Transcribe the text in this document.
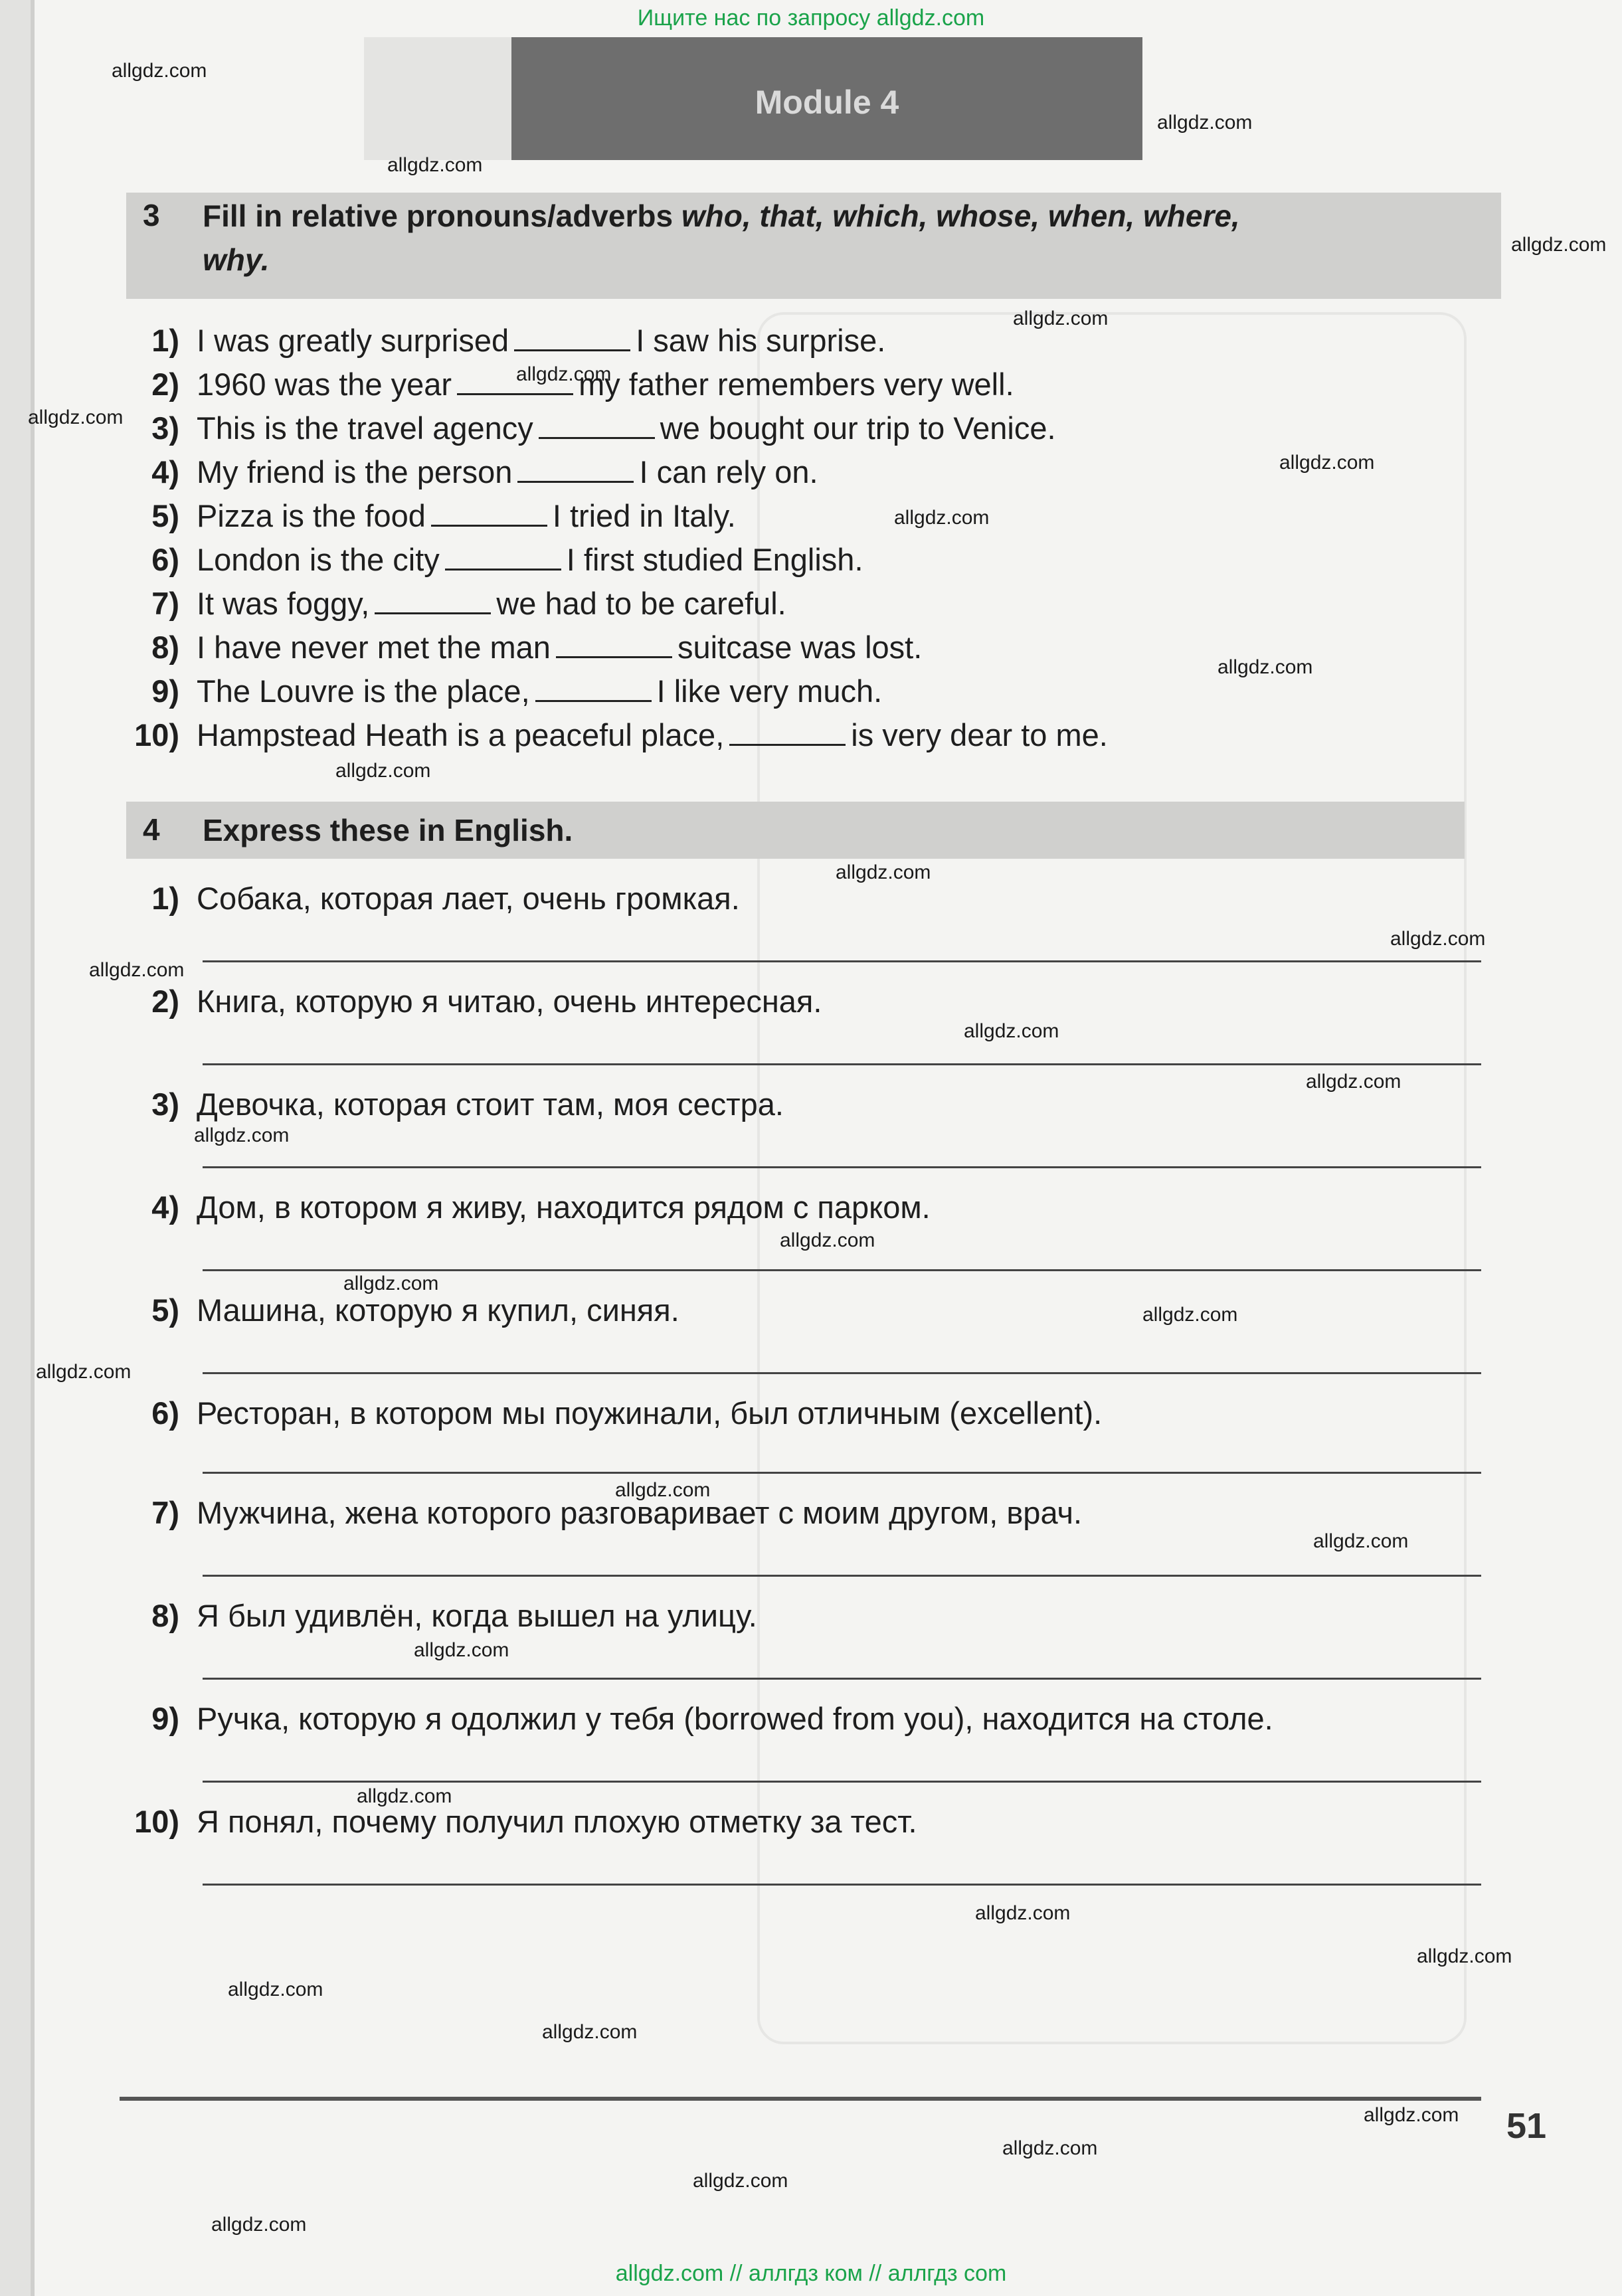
Ищите нас по запросу allgdz.com
Module 4
3 Fill in relative pronouns/adverbs who, that, which, whose, when, where,
why.
1) I was greatly surprised	I saw his surprise.
2) 1960 was the year	my father remembers very well.
3) This is the travel agency	we bought our trip to Venice.
4) My friend is the person	I can rely on.
5) Pizza is the food	I tried in Italy.
6) London is the city	I first studied English.
7) It was foggy,	we had to be careful.
8) I have never met the man	suitcase was lost.
9) The Louvre is the place,	I like very much.
10) Hampstead Heath is a peaceful place,	is very dear to me.
4 Express these in English.
1) Собака, которая лает, очень громкая.
2) Книга, которую я читаю, очень интересная.
3) Девочка, которая стоит там, моя сестра.
4) Дом, в котором я живу, находится рядом с парком.
5) Машина, которую я купил, синяя.
6) Ресторан, в котором мы поужинали, был отличным (excellent).
7) Мужчина, жена которого разговаривает с моим другом, врач.
8) Я был удивлён, когда вышел на улицу.
9) Ручка, которую я одолжил у тебя (borrowed from you), находится на столе.
10) Я понял, почему получил плохую отметку за тест.
51
allgdz.com // аллгдз ком // аллгдз com
allgdz.com
allgdz.com
allgdz.com
allgdz.com
allgdz.com
allgdz.com
allgdz.com
allgdz.com
allgdz.com
allgdz.com
allgdz.com
allgdz.com
allgdz.com
allgdz.com
allgdz.com
allgdz.com
allgdz.com
allgdz.com
allgdz.com
allgdz.com
allgdz.com
allgdz.com
allgdz.com
allgdz.com
allgdz.com
allgdz.com
allgdz.com
allgdz.com
allgdz.com
allgdz.com
allgdz.com
allgdz.com
allgdz.com
